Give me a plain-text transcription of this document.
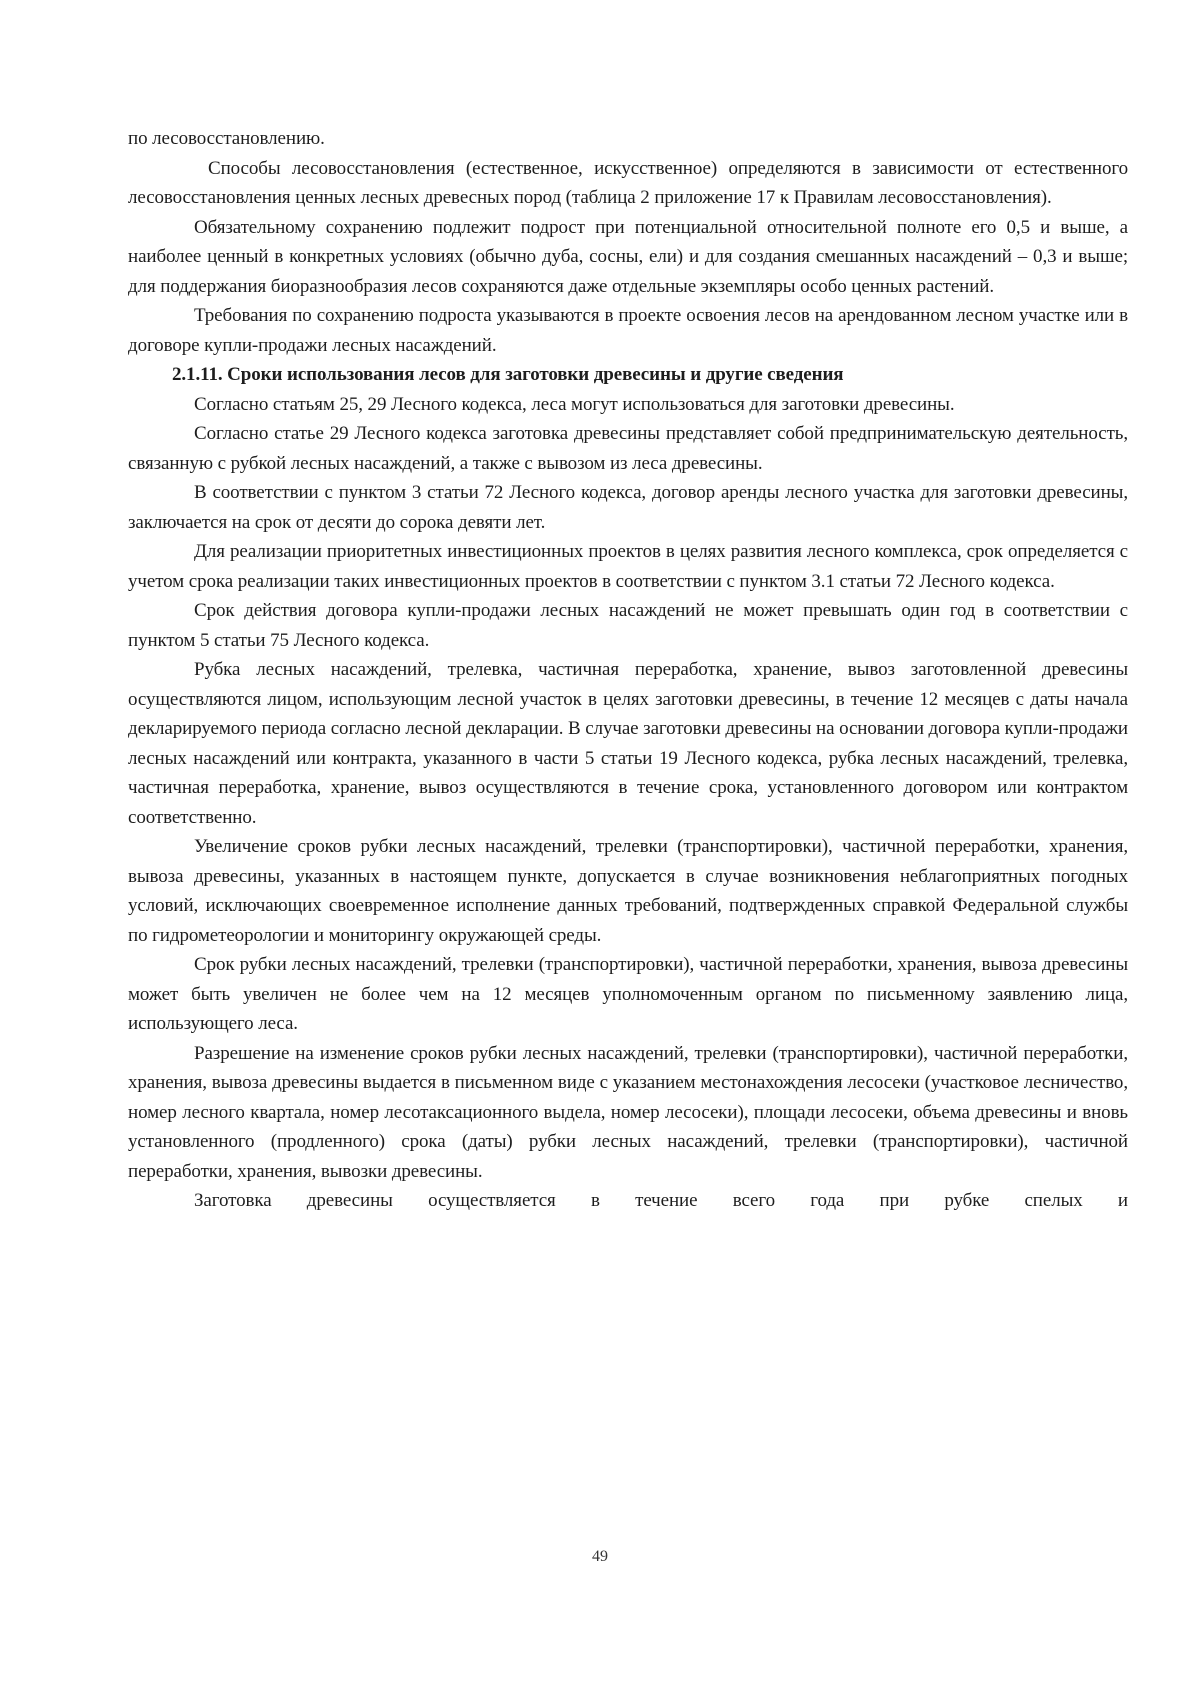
по лесовосстановлению.

Способы лесовосстановления (естественное, искусственное) определяются в зависимости от естественного лесовосстановления ценных лесных древесных пород (таблица 2 приложение 17 к Правилам лесовосстановления).

Обязательному сохранению подлежит подрост при потенциальной относительной полноте его 0,5 и выше, а наиболее ценный в конкретных условиях (обычно дуба, сосны, ели) и для создания смешанных насаждений – 0,3 и выше; для поддержания биоразнообразия лесов сохраняются даже отдельные экземпляры особо ценных растений.

Требования по сохранению подроста указываются в проекте освоения лесов на арендованном лесном участке или в договоре купли-продажи лесных насаждений.

2.1.11. Сроки использования лесов для заготовки древесины и другие сведения

Согласно статьям 25, 29 Лесного кодекса, леса могут использоваться для заготовки древесины.

Согласно статье 29 Лесного кодекса заготовка древесины представляет собой предпринимательскую деятельность, связанную с рубкой лесных насаждений, а также с вывозом из леса древесины.

В соответствии с пунктом 3 статьи 72 Лесного кодекса, договор аренды лесного участка для заготовки древесины, заключается на срок от десяти до сорока девяти лет.

Для реализации приоритетных инвестиционных проектов в целях развития лесного комплекса, срок определяется с учетом срока реализации таких инвестиционных проектов в соответствии с пунктом 3.1 статьи 72 Лесного кодекса.

Срок действия договора купли-продажи лесных насаждений не может превышать один год в соответствии с пунктом 5 статьи 75 Лесного кодекса.

Рубка лесных насаждений, трелевка, частичная переработка, хранение, вывоз заготовленной древесины осуществляются лицом, использующим лесной участок в целях заготовки древесины, в течение 12 месяцев с даты начала декларируемого периода согласно лесной декларации. В случае заготовки древесины на основании договора купли-продажи лесных насаждений или контракта, указанного в части 5 статьи 19 Лесного кодекса, рубка лесных насаждений, трелевка, частичная переработка, хранение, вывоз осуществляются в течение срока, установленного договором или контрактом соответственно.

Увеличение сроков рубки лесных насаждений, трелевки (транспортировки), частичной переработки, хранения, вывоза древесины, указанных в настоящем пункте, допускается в случае возникновения неблагоприятных погодных условий, исключающих своевременное исполнение данных требований, подтвержденных справкой Федеральной службы по гидрометеорологии и мониторингу окружающей среды.

Срок рубки лесных насаждений, трелевки (транспортировки), частичной переработки, хранения, вывоза древесины может быть увеличен не более чем на 12 месяцев уполномоченным органом по письменному заявлению лица, использующего леса.

Разрешение на изменение сроков рубки лесных насаждений, трелевки (транспортировки), частичной переработки, хранения, вывоза древесины выдается в письменном виде с указанием местонахождения лесосеки (участковое лесничество, номер лесного квартала, номер лесотаксационного выдела, номер лесосеки), площади лесосеки, объема древесины и вновь установленного (продленного) срока (даты) рубки лесных насаждений, трелевки (транспортировки), частичной переработки, хранения, вывозки древесины.

Заготовка древесины осуществляется в течение всего года при рубке спелых и

49
